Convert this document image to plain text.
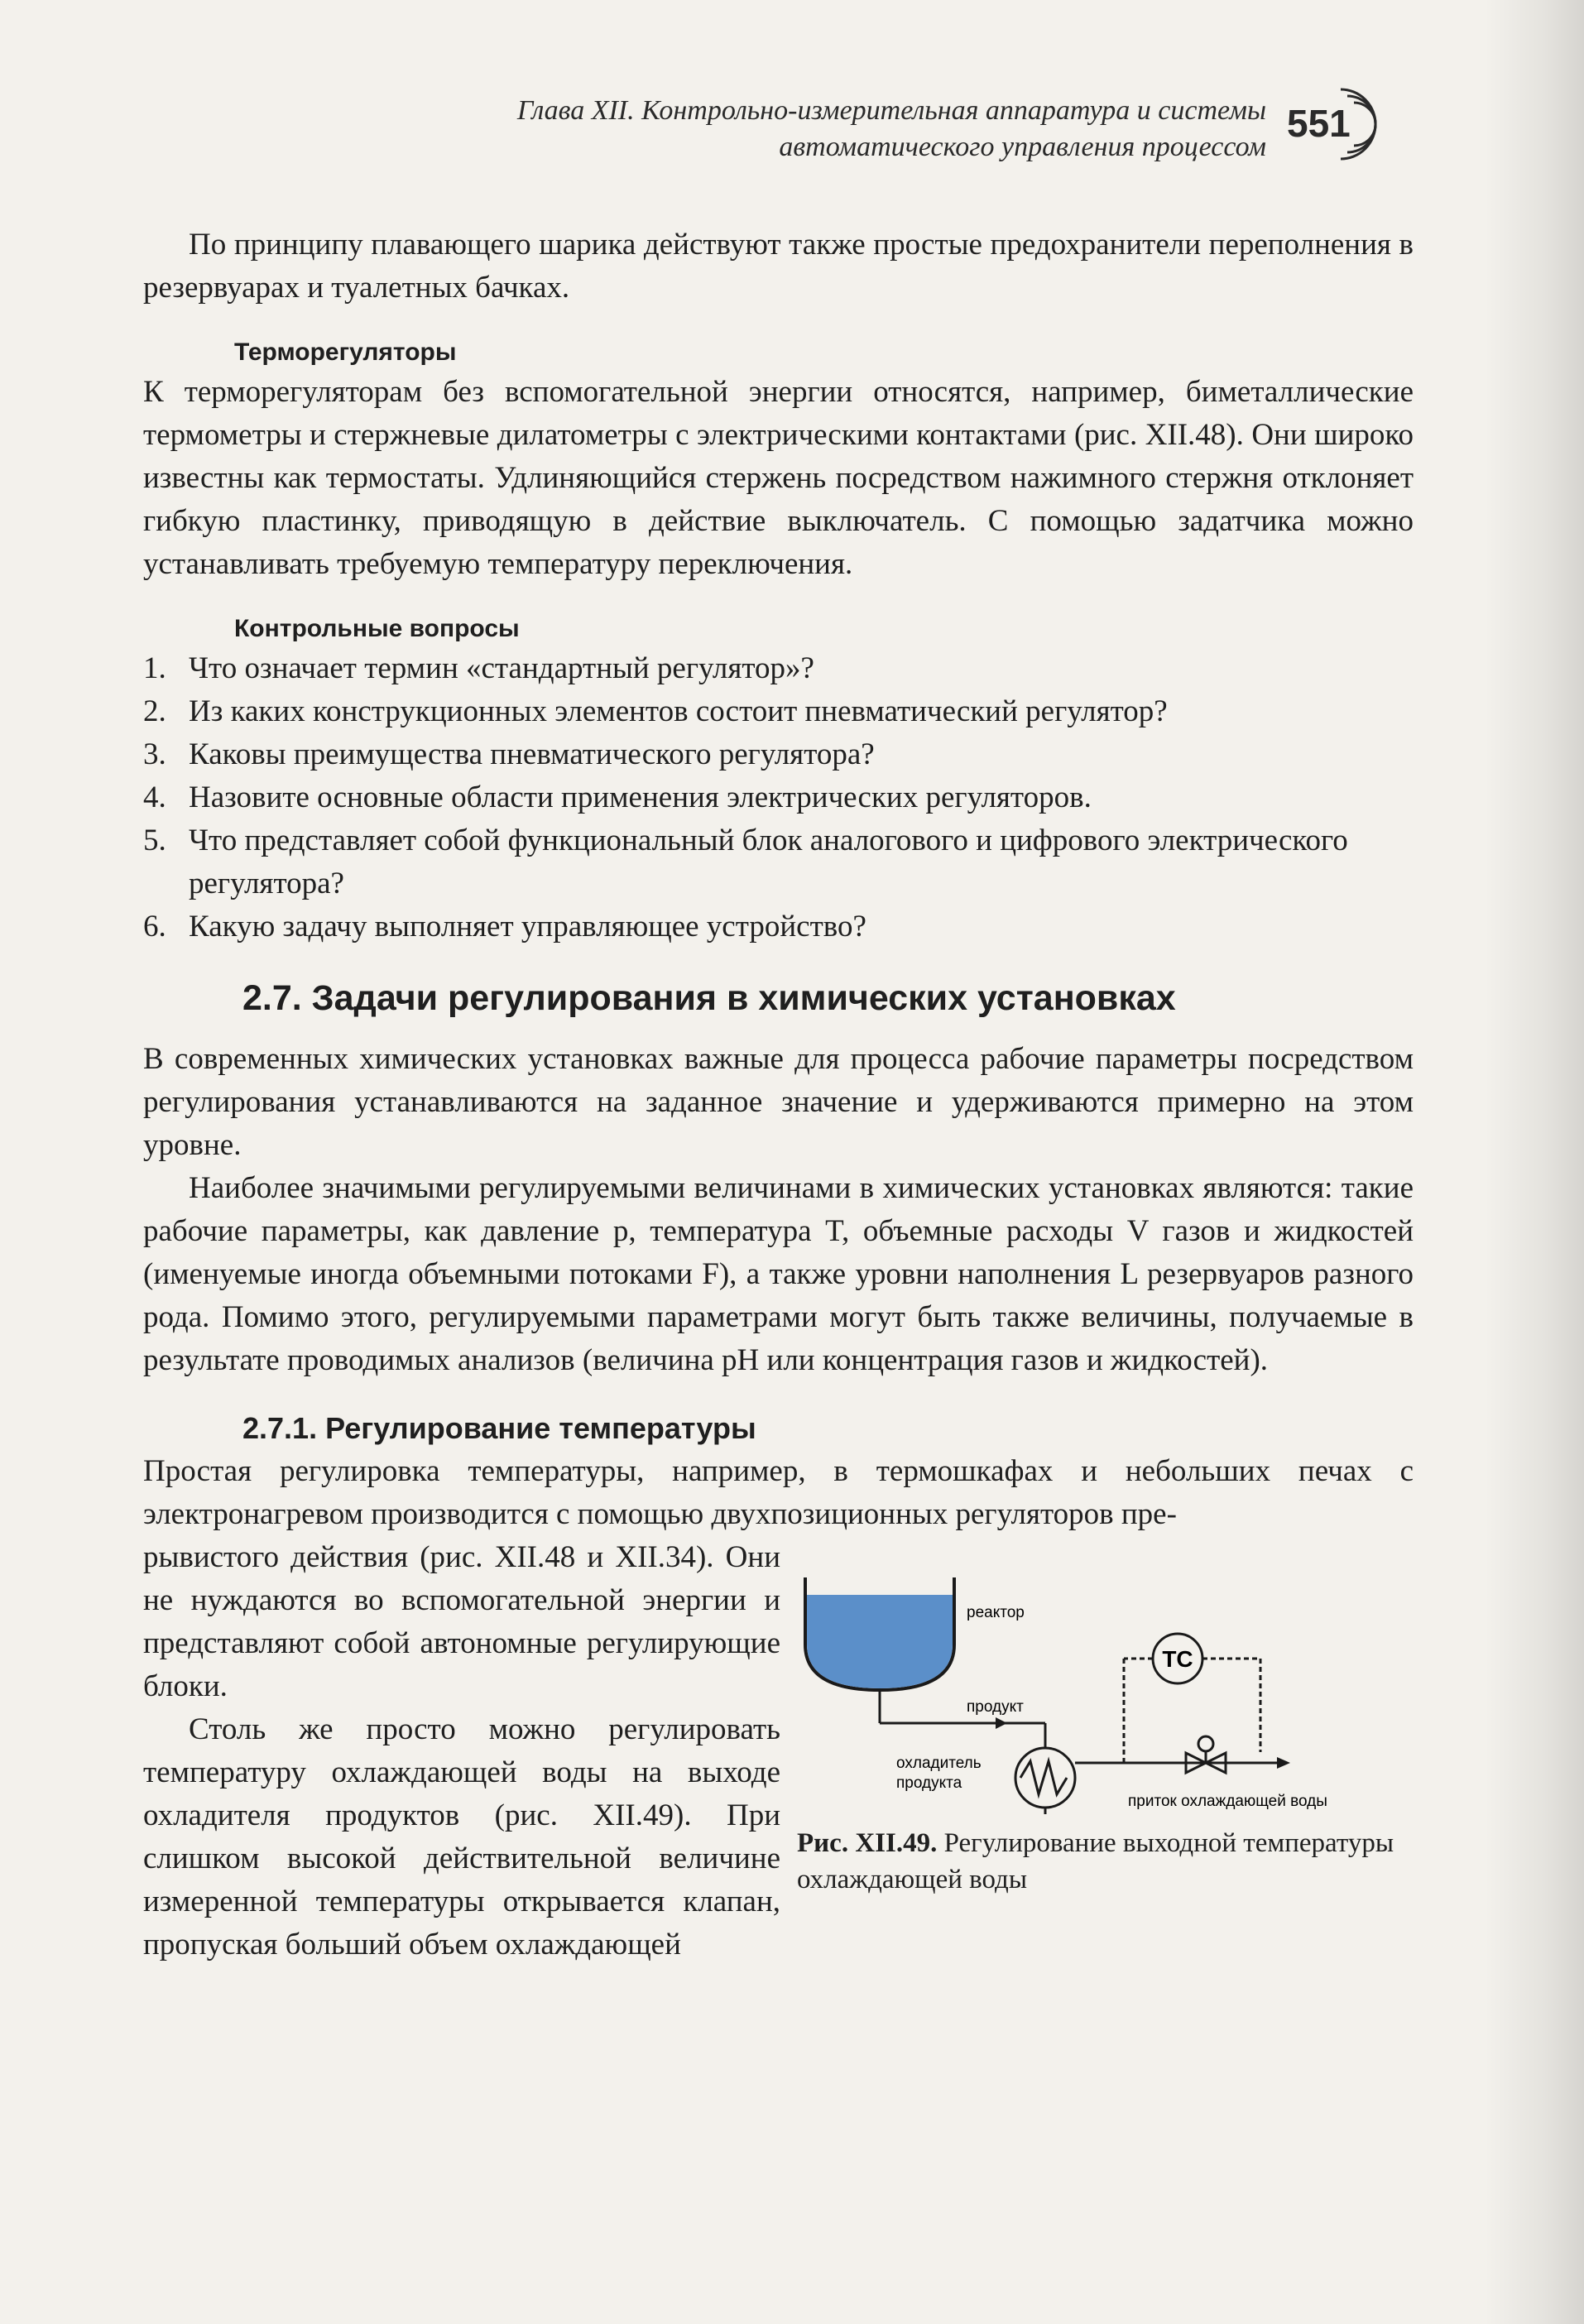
Глава XII. Контрольно-измерительная аппаратура и системы
автоматического управления процессом
551

По принципу плавающего шарика действуют также простые предохранители переполнения в резервуарах и туалетных бачках.

Терморегуляторы

К терморегуляторам без вспомогательной энергии относятся, например, биметаллические термометры и стержневые дилатометры с электрическими контактами (рис. XII.48). Они широко известны как термостаты. Удлиняющийся стержень посредством нажимного стержня отклоняет гибкую пластинку, приводящую в действие выключатель. С помощью задатчика можно устанавливать требуемую температуру переключения.

Контрольные вопросы
1. Что означает термин «стандартный регулятор»?
2. Из каких конструкционных элементов состоит пневматический регулятор?
3. Каковы преимущества пневматического регулятора?
4. Назовите основные области применения электрических регуляторов.
5. Что представляет собой функциональный блок аналогового и цифрового электрического регулятора?
6. Какую задачу выполняет управляющее устройство?
2.7. Задачи регулирования в химических установках

В современных химических установках важные для процесса рабочие параметры посредством регулирования устанавливаются на заданное значение и удерживаются примерно на этом уровне.

Наиболее значимыми регулируемыми величинами в химических установках являются: такие рабочие параметры, как давление p, температура T, объемные расходы V газов и жидкостей (именуемые иногда объемными потоками F), а также уровни наполнения L резервуаров разного рода. Помимо этого, регулируемыми параметрами могут быть также величины, получаемые в результате проводимых анализов (величина pH или концентрация газов и жидкостей).

2.7.1. Регулирование температуры

Простая регулировка температуры, например, в термошкафах и небольших печах с электронагревом производится с помощью двухпозиционных регуляторов пре-

рывистого действия (рис. XII.48 и XII.34). Они не нуждаются во вспомогательной энергии и представляют собой автономные регулирующие блоки.

Столь же просто можно регулировать температуру охлаждающей воды на выходе охладителя продуктов (рис. XII.49). При слишком высокой действительной величине измеренной температуры открывается клапан, пропуская больший объем охлаждающей

реактор
продукт
охладитель
продукта
TC
приток охлаждающей воды
Рис. XII.49. Регулирование выходной температуры охлаждающей воды
